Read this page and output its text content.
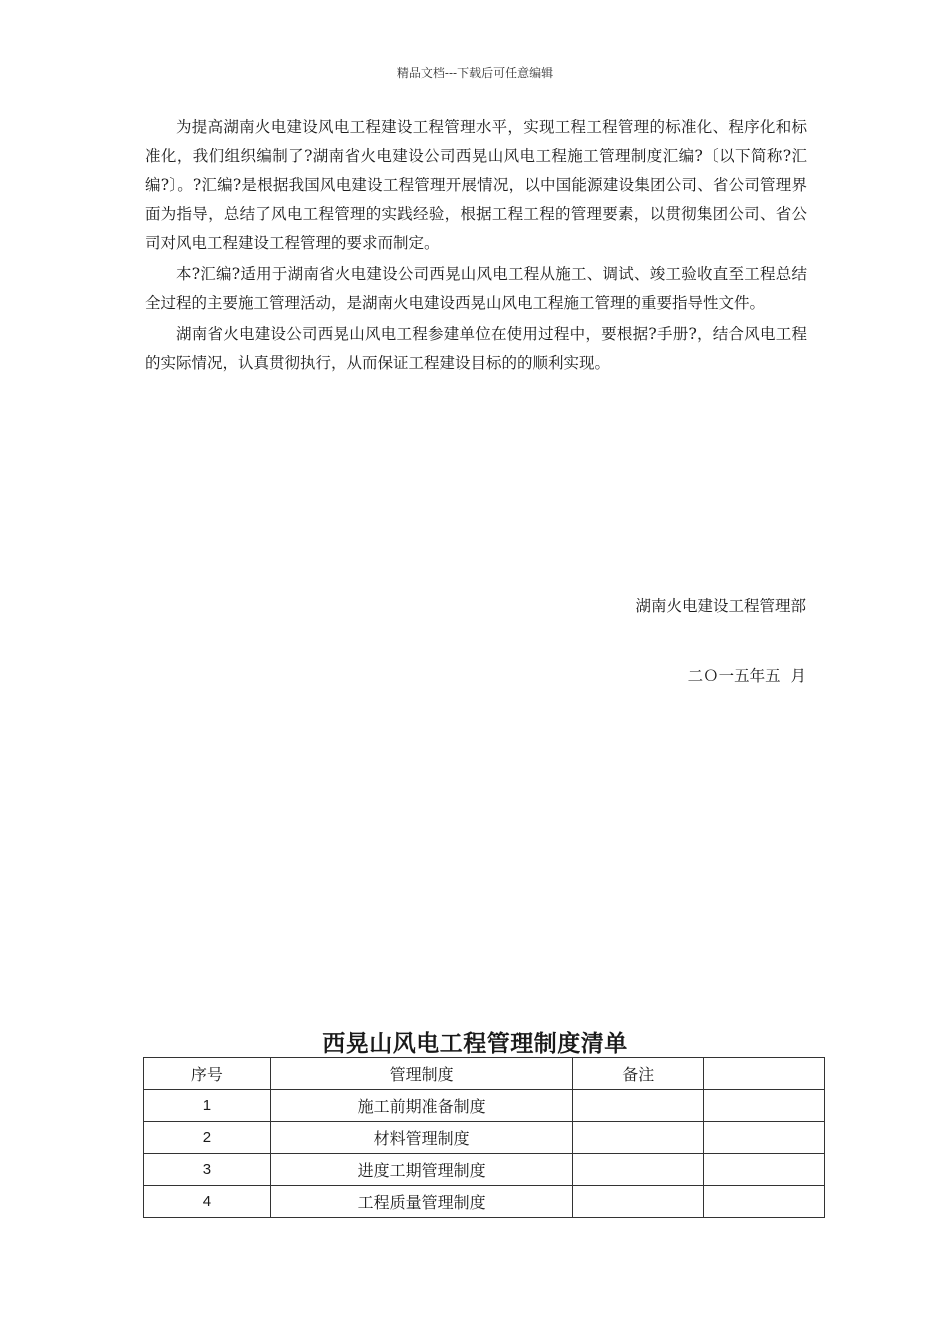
精品文档---下载后可任意编辑

为提高湖南火电建设风电工程建设工程管理水平，实现工程工程管理的标准化、程序化和标准化，我们组织编制了?湖南省火电建设公司西晃山风电工程施工管理制度汇编?〔以下简称?汇编?〕。?汇编?是根据我国风电建设工程管理开展情况，以中国能源建设集团公司、省公司管理界面为指导，总结了风电工程管理的实践经验，根据工程工程的管理要素，以贯彻集团公司、省公司对风电工程建设工程管理的要求而制定。

本?汇编?适用于湖南省火电建设公司西晃山风电工程从施工、调试、竣工验收直至工程总结全过程的主要施工管理活动，是湖南火电建设西晃山风电工程施工管理的重要指导性文件。

湖南省火电建设公司西晃山风电工程参建单位在使用过程中，要根据?手册?，结合风电工程的实际情况，认真贯彻执行，从而保证工程建设目标的的顺利实现。

湖南火电建设工程管理部
二Ｏ一五年五  月
西晃山风电工程管理制度清单
序号	管理制度	备注	
1	施工前期准备制度		
2	材料管理制度		
3	进度工期管理制度		
4	工程质量管理制度		
